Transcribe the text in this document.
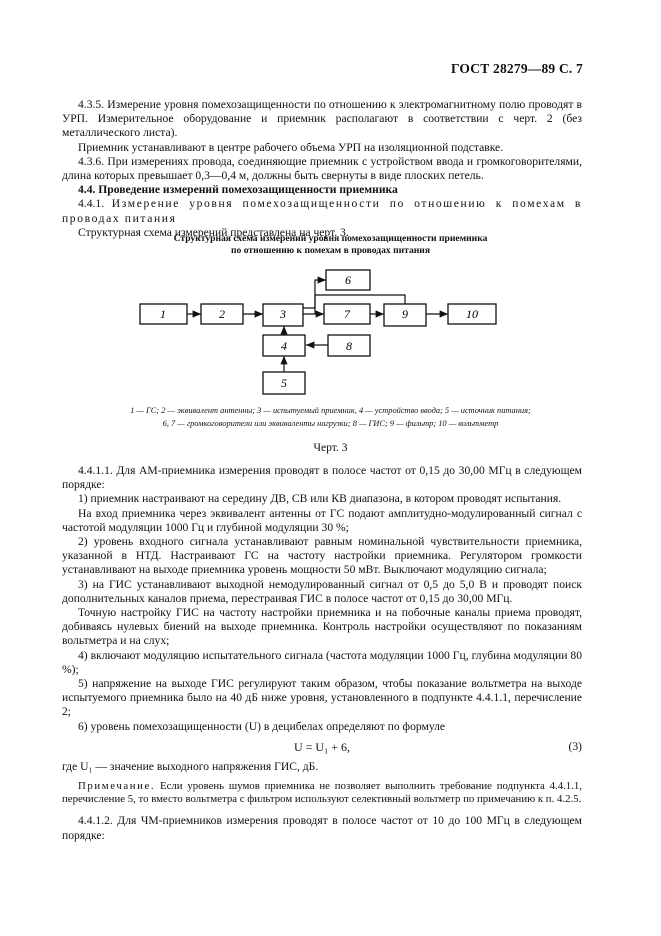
ГОСТ 28279—89 С. 7

4.3.5. Измерение уровня помехозащищенности по отношению к электромагнитному полю проводят в УРП. Измерительное оборудование и приемник располагают в соответствии с черт. 2 (без металлического листа).

Приемник устанавливают в центре рабочего объема УРП на изоляционной подставке.

4.3.6. При измерениях провода, соединяющие приемник с устройством ввода и громкоговорителями, длина которых превышает 0,3—0,4 м, должны быть свернуты в виде плоских петель.

4.4. Проведение измерений помехозащищенности приемника

4.4.1. Измерение уровня помехозащищенности по отношению к помехам в проводах питания

Структурная схема измерений представлена на черт. 3.

Структурная схема измерений уровня помехозащищенности приемника
по отношению к помехам в проводах питания
1	2	3
4
5
6
7
8
9	10
1 — ГС; 2 — эквивалент антенны; 3 — испытуемый приемник, 4 — устройство ввода; 5 — источник питания;
6, 7 — громкоговорители или эквиваленты нагрузки; 8 — ГИС; 9 — фильтр; 10 — вольтметр
Черт. 3

4.4.1.1. Для АМ-приемника измерения проводят в полосе частот от 0,15 до 30,00 МГц в следующем порядке:

1) приемник настраивают на середину ДВ, СВ или КВ диапазона, в котором проводят испытания.

На вход приемника через эквивалент антенны от ГС подают амплитудно-модулированный сигнал с частотой модуляции 1000 Гц и глубиной модуляции 30 %;

2) уровень входного сигнала устанавливают равным номинальной чувствительности приемника, указанной в НТД. Настраивают ГС на частоту настройки приемника. Регулятором громкости устанавливают на выходе приемника уровень мощности 50 мВт. Выключают модуляцию сигнала;

3) на ГИС устанавливают выходной немодулированный сигнал от 0,5 до 5,0 В и проводят поиск дополнительных каналов приема, перестраивая ГИС в полосе частот от 0,15 до 30,00 МГц.

Точную настройку ГИС на частоту настройки приемника и на побочные каналы приема проводят, добиваясь нулевых биений на выходе приемника. Контроль настройки осуществляют по показаниям вольтметра и на слух;

4) включают модуляцию испытательного сигнала (частота модуляции 1000 Гц, глубина модуляции 80 %);

5) напряжение на выходе ГИС регулируют таким образом, чтобы показание вольтметра на выходе испытуемого приемника было на 40 дБ ниже уровня, установленного в подпункте 4.4.1.1, перечисление 2;

6) уровень помехозащищенности (U) в децибелах определяют по формуле

U = U₁ + 6,	(3)

где U₁ — значение выходного напряжения ГИС, дБ.

Примечание. Если уровень шумов приемника не позволяет выполнить требование подпункта 4.4.1.1, перечисление 5, то вместо вольтметра с фильтром используют селективный вольтметр по примечанию к п. 4.2.5.

4.4.1.2. Для ЧМ-приемников измерения проводят в полосе частот от 10 до 100 МГц в следующем порядке:
